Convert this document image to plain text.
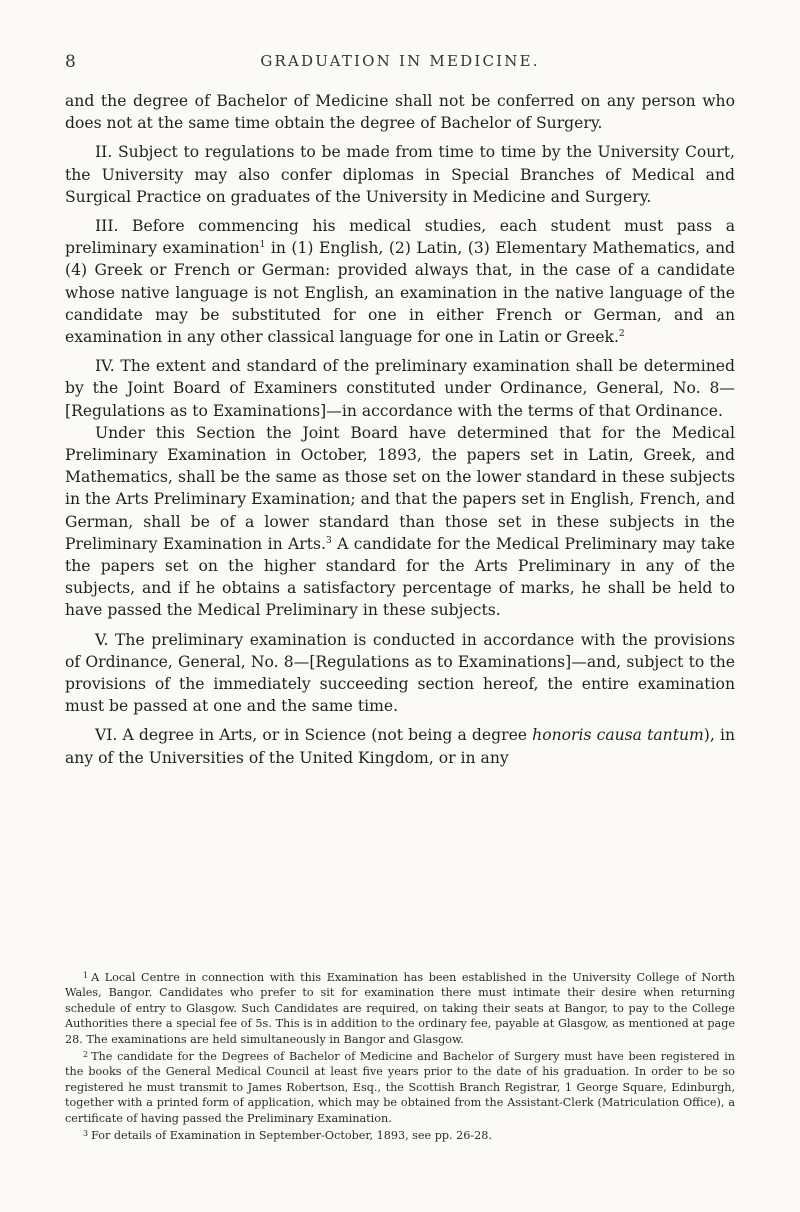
8	GRADUATION IN MEDICINE.

and the degree of Bachelor of Medicine shall not be conferred on any person who does not at the same time obtain the degree of Bachelor of Surgery.

II. Subject to regulations to be made from time to time by the University Court, the University may also confer diplomas in Special Branches of Medical and Surgical Practice on graduates of the University in Medicine and Surgery.

III. Before commencing his medical studies, each student must pass a preliminary examination$^1$ in (1) English, (2) Latin, (3) Elementary Mathematics, and (4) Greek or French or German: provided always that, in the case of a candidate whose native language is not English, an examination in the native language of the candidate may be substituted for one in either French or German, and an examination in any other classical language for one in Latin or Greek.$^2$

IV. The extent and standard of the preliminary examination shall be determined by the Joint Board of Examiners constituted under Ordinance, General, No. 8—[Regulations as to Examinations]—in accordance with the terms of that Ordinance.

Under this Section the Joint Board have determined that for the Medical Preliminary Examination in October, 1893, the papers set in Latin, Greek, and Mathematics, shall be the same as those set on the lower standard in these subjects in the Arts Preliminary Examination; and that the papers set in English, French, and German, shall be of a lower standard than those set in these subjects in the Preliminary Examination in Arts.$^3$ A candidate for the Medical Preliminary may take the papers set on the higher standard for the Arts Preliminary in any of the subjects, and if he obtains a satisfactory percentage of marks, he shall be held to have passed the Medical Preliminary in these subjects.

V. The preliminary examination is conducted in accordance with the provisions of Ordinance, General, No. 8—[Regulations as to Examinations]—and, subject to the provisions of the immediately succeeding section hereof, the entire examination must be passed at one and the same time.

VI. A degree in Arts, or in Science (not being a degree honoris causa tantum), in any of the Universities of the United Kingdom, or in any

$^1$ A Local Centre in connection with this Examination has been established in the University College of North Wales, Bangor. Candidates who prefer to sit for examination there must intimate their desire when returning schedule of entry to Glasgow. Such Candidates are required, on taking their seats at Bangor, to pay to the College Authorities there a special fee of 5s. This is in addition to the ordinary fee, payable at Glasgow, as mentioned at page 28. The examinations are held simultaneously in Bangor and Glasgow.

$^2$ The candidate for the Degrees of Bachelor of Medicine and Bachelor of Surgery must have been registered in the books of the General Medical Council at least five years prior to the date of his graduation. In order to be so registered he must transmit to James Robertson, Esq., the Scottish Branch Registrar, 1 George Square, Edinburgh, together with a printed form of application, which may be obtained from the Assistant-Clerk (Matriculation Office), a certificate of having passed the Preliminary Examination.

$^3$ For details of Examination in September-October, 1893, see pp. 26-28.
